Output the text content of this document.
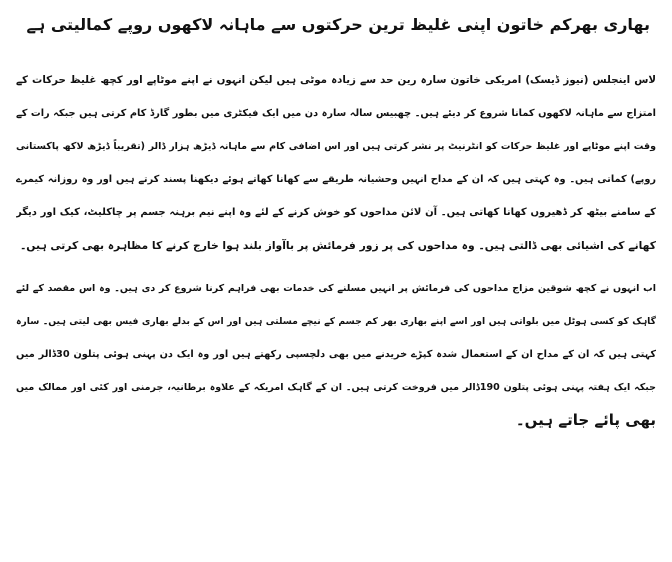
بھاری بھرکم خاتون اپنی غلیظ ترین حرکتوں سے ماہانہ لاکھوں روپے کمالیتی ہے
لاس اینجلس (نیوز ڈیسک) امریکی خاتون سارہ رین حد سے زیادہ موٹی ہیں لیکن انہوں نے اپنے موٹاپے اور کچھ غلیظ حرکات کے
امتزاج سے ماہانہ لاکھوں کمانا شروع کر دیئے ہیں۔ چھبیس سالہ سارہ دن میں ایک فیکٹری میں بطور گارڈ کام کرتی ہیں جبکہ رات کے
وقت اپنے موٹاپے اور غلیظ حرکات کو انٹرنیٹ پر نشر کرتی ہیں اور اس اضافی کام سے ماہانہ ڈیڑھ ہزار ڈالر (تقریباً ڈیڑھ لاکھ پاکستانی
روپے) کماتی ہیں۔ وہ کہتی ہیں کہ ان کے مداح انہیں وحشیانہ طریقے سے کھانا کھاتے ہوئے دیکھنا پسند کرتے ہیں اور وہ روزانہ کیمرے
کے سامنے بیٹھ کر ڈھیروں کھانا کھاتی ہیں۔ آن لائن مداحوں کو خوش کرنے کے لئے وہ اپنے نیم برہنہ جسم پر چاکلیٹ، کیک اور دیگر
کھانے کی اشیائی بھی ڈالتی ہیں۔ وہ مداحوں کی پر زور فرمائش پر باآواز بلند ہوا خارج کرنے کا مظاہرہ بھی کرتی ہیں۔
اب انہوں نے کچھ شوقین مزاج مداحوں کی فرمائش پر انہیں مسلنے کی خدمات بھی فراہم کرنا شروع کر دی ہیں۔ وہ اس مقصد کے لئے
گاہک کو کسی ہوٹل میں بلواتی ہیں اور اسے اپنے بھاری بھر کم جسم کے نیچے مسلتی ہیں اور اس کے بدلے بھاری فیس بھی لیتی ہیں۔ سارہ
کہتی ہیں کہ ان کے مداح ان کے استعمال شدہ کپڑے خریدنے میں بھی دلچسپی رکھتے ہیں اور وہ ایک دن پہنی ہوئی پتلون 30ڈالر میں
جبکہ ایک ہفتہ پہنی ہوئی پتلون 190ڈالر میں فروخت کرتی ہیں۔ ان کے گاہک امریکہ کے علاوہ برطانیہ، جرمنی اور کئی اور ممالک میں
بھی پائے جاتے ہیں۔
